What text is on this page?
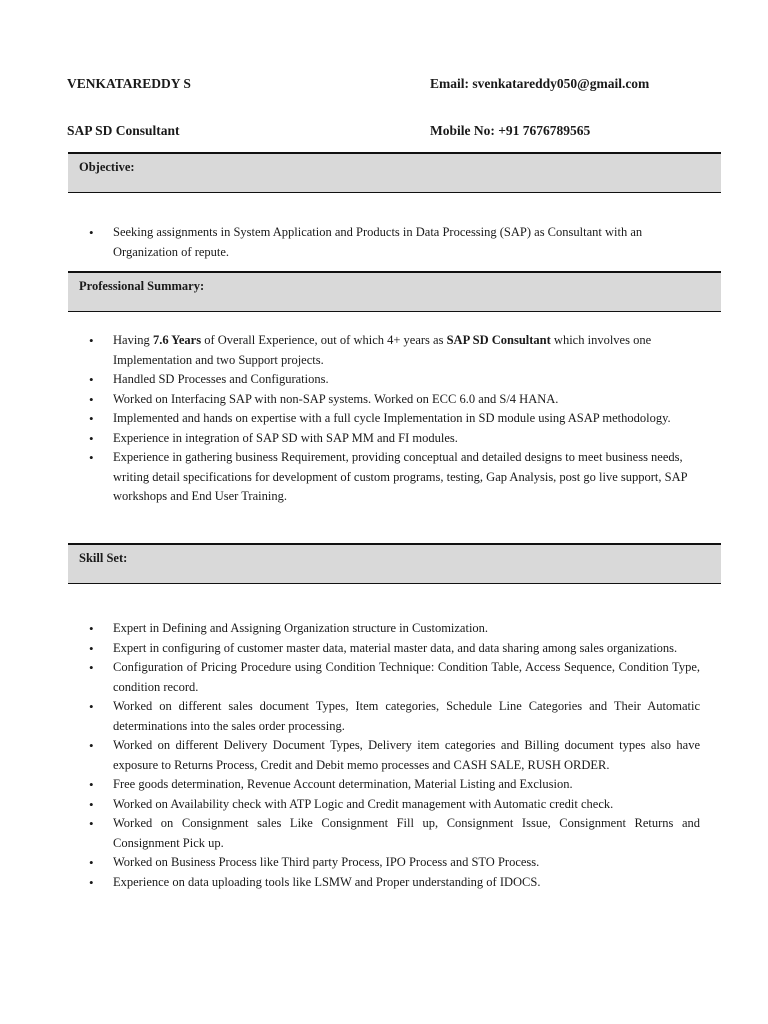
VENKATAREDDY S	Email: svenkatareddy050@gmail.com
SAP SD Consultant	Mobile No: +91 7676789565
Objective:
• Seeking assignments in System Application and Products in Data Processing (SAP) as Consultant with an Organization of repute.
Professional Summary:
• Having 7.6 Years of Overall Experience, out of which 4+ years as SAP SD Consultant which involves one Implementation and two Support projects.
• Handled SD Processes and Configurations.
• Worked on Interfacing SAP with non-SAP systems. Worked on ECC 6.0 and S/4 HANA.
• Implemented and hands on expertise with a full cycle Implementation in SD module using ASAP methodology.
• Experience in integration of SAP SD with SAP MM and FI modules.
• Experience in gathering business Requirement, providing conceptual and detailed designs to meet business needs, writing detail specifications for development of custom programs, testing, Gap Analysis, post go live support, SAP workshops and End User Training.
Skill Set:
• Expert in Defining and Assigning Organization structure in Customization.
• Expert in configuring of customer master data, material master data, and data sharing among sales organizations.
• Configuration of Pricing Procedure using Condition Technique: Condition Table, Access Sequence, Condition Type, condition record.
• Worked on different sales document Types, Item categories, Schedule Line Categories and Their Automatic determinations into the sales order processing.
• Worked on different Delivery Document Types, Delivery item categories and Billing document types also have exposure to Returns Process, Credit and Debit memo processes and CASH SALE, RUSH ORDER.
• Free goods determination, Revenue Account determination, Material Listing and Exclusion.
• Worked on Availability check with ATP Logic and Credit management with Automatic credit check.
• Worked on Consignment sales Like Consignment Fill up, Consignment Issue, Consignment Returns and Consignment Pick up.
• Worked on Business Process like Third party Process, IPO Process and STO Process.
• Experience on data uploading tools like LSMW and Proper understanding of IDOCS.
